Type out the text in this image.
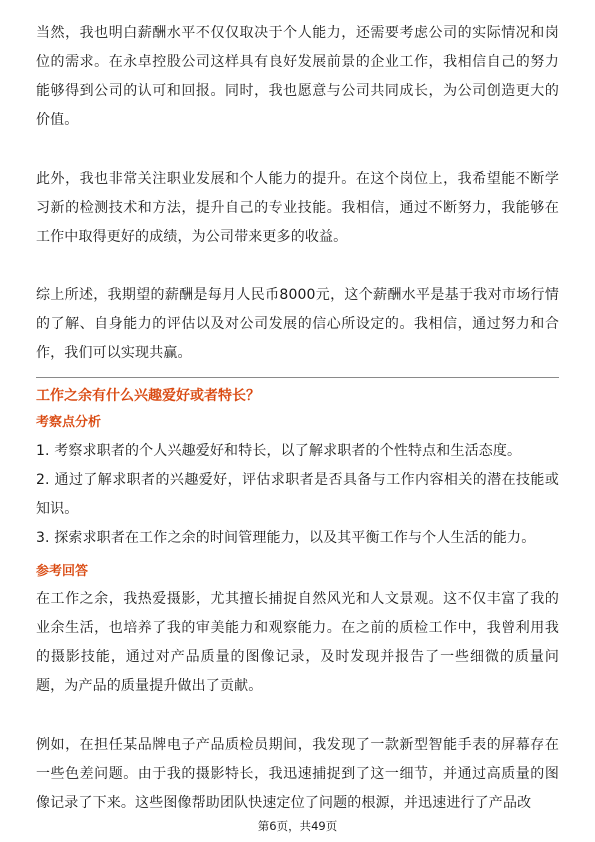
当然，我也明白薪酬水平不仅仅取决于个人能力，还需要考虑公司的实际情况和岗位的需求。在永卓控股公司这样具有良好发展前景的企业工作，我相信自己的努力能够得到公司的认可和回报。同时，我也愿意与公司共同成长，为公司创造更大的价值。

此外，我也非常关注职业发展和个人能力的提升。在这个岗位上，我希望能不断学习新的检测技术和方法，提升自己的专业技能。我相信，通过不断努力，我能够在工作中取得更好的成绩，为公司带来更多的收益。

综上所述，我期望的薪酬是每月人民币8000元，这个薪酬水平是基于我对市场行情的了解、自身能力的评估以及对公司发展的信心所设定的。我相信，通过努力和合作，我们可以实现共赢。

工作之余有什么兴趣爱好或者特长？
考察点分析

1. 考察求职者的个人兴趣爱好和特长，以了解求职者的个性特点和生活态度。

2. 通过了解求职者的兴趣爱好，评估求职者是否具备与工作内容相关的潜在技能或知识。

3. 探索求职者在工作之余的时间管理能力，以及其平衡工作与个人生活的能力。

参考回答

在工作之余，我热爱摄影，尤其擅长捕捉自然风光和人文景观。这不仅丰富了我的业余生活，也培养了我的审美能力和观察能力。在之前的质检工作中，我曾利用我的摄影技能，通过对产品质量的图像记录，及时发现并报告了一些细微的质量问题，为产品的质量提升做出了贡献。

例如，在担任某品牌电子产品质检员期间，我发现了一款新型智能手表的屏幕存在一些色差问题。由于我的摄影特长，我迅速捕捉到了这一细节，并通过高质量的图像记录了下来。这些图像帮助团队快速定位了问题的根源，并迅速进行了产品改

第6页，共49页
